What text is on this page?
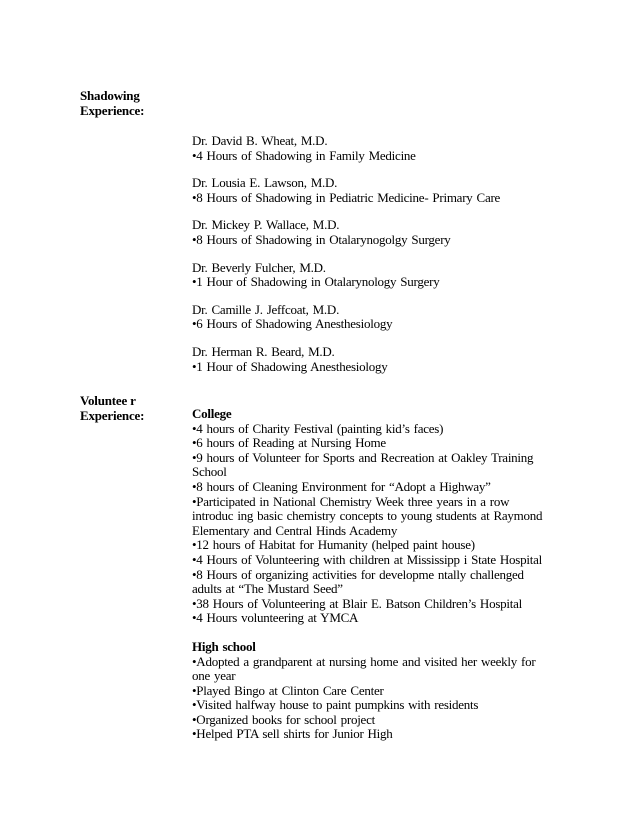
Shadowing
Experience:
Dr. David B. Wheat, M.D.
•4 Hours of Shadowing in Family Medicine
Dr. Lousia E. Lawson, M.D.
•8 Hours of Shadowing in Pediatric Medicine- Primary Care
Dr. Mickey P. Wallace, M.D.
•8 Hours of Shadowing in Otalarynogolgy Surgery
Dr. Beverly Fulcher, M.D.
•1 Hour of Shadowing in Otalarynology Surgery
Dr. Camille J. Jeffcoat, M.D.
•6 Hours of Shadowing Anesthesiology
Dr. Herman R. Beard, M.D.
•1 Hour of Shadowing Anesthesiology
Voluntee r
Experience:	College
•4 hours of Charity Festival (painting kid’s faces)
•6 hours of Reading at Nursing Home
•9 hours of Volunteer for Sports and Recreation at Oakley Training School
•8 hours of Cleaning Environment for “Adopt a Highway”
•Participated in National Chemistry Week three years in a row introduc ing basic chemistry concepts to young students at Raymond Elementary and Central Hinds Academy
•12 hours of Habitat for Humanity (helped paint house)
•4 Hours of Volunteering with children at Mississipp i State Hospital
•8 Hours of organizing activities for developme ntally challenged adults at “The Mustard Seed”
•38 Hours of Volunteering at Blair E. Batson Children’s Hospital
•4 Hours volunteering at YMCA
High school
•Adopted a grandparent at nursing home and visited her weekly for one year
•Played Bingo at Clinton Care Center
•Visited halfway house to paint pumpkins with residents
•Organized books for school project
•Helped PTA sell shirts for Junior High
